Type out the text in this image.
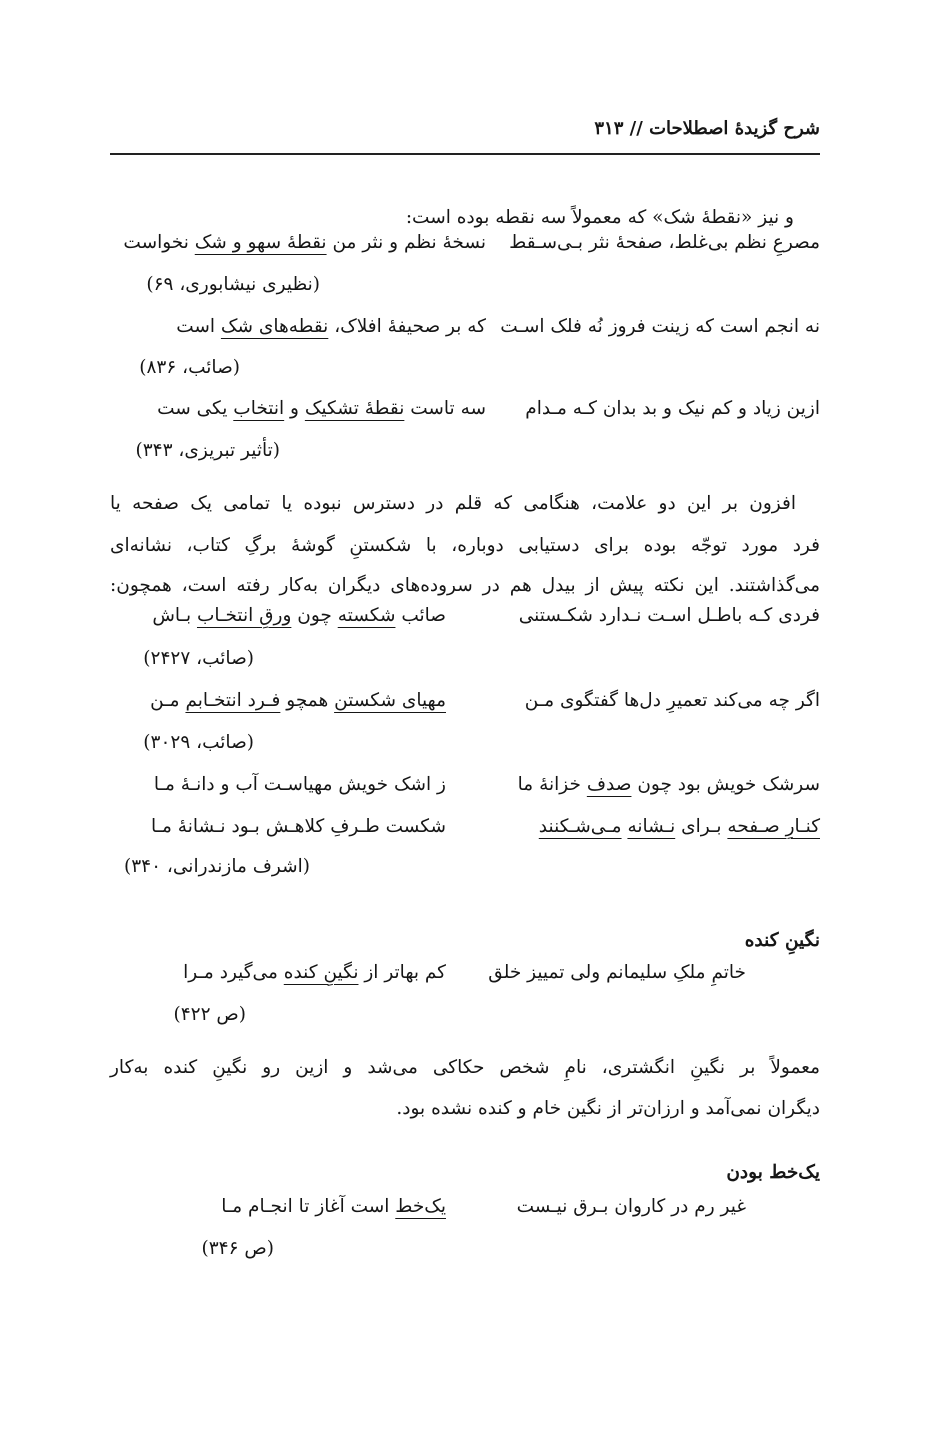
شرح گزیدهٔ اصطلاحات // ۳۱۳
و نیز «نقطهٔ شک» که معمولاً سه نقطه بوده است:
مصرعِ نظم بی‌غلط، صفحهٔ نثر بـی‌سـقط
نسخهٔ نظم و نثر من نقطهٔ سهو و شک نخواست
(نظیری نیشابوری، ۶۹)
نه انجم است که زینت فروز نُه فلک اسـت
که بر صحیفهٔ افلاک، نقطه‌های شک است
(صائب، ۸۳۶)
ازین زیاد و کم نیک و بد بدان کـه مـدام
سه تاست نقطهٔ تشکیک و انتخاب یکی ست
(تأثیر تبریزی، ۳۴۳)
افزون بر این دو علامت، هنگامی که قلم در دسترس نبوده یا تمامی یک صفحه یا
فرد مورد توجّه بوده برای دستیابی دوباره، با شکستنِ گوشهٔ برگِ کتاب، نشانه‌ای
می‌گذاشتند. این نکته پیش از بیدل هم در سروده‌های دیگران به‌کار رفته است، همچون:
فردی کـه باطـل اسـت نـدارد شکـستنی
صائب شکسته چون ورقِ انتخـاب بـاش
(صائب، ۲۴۲۷)
اگر چه می‌کند تعمیرِ دل‌ها گفتگوی مـن
مهیای شکستن همچو فـرد انتخـابم مـن
(صائب، ۳۰۲۹)
سرشک خویش بود چون صدف خزانهٔ ما
ز اشک خویش مهیاسـت آب و دانـهٔ مـا
کنـارِ صـفحه بـرای نـشانه مـی‌شـکنند
شکست طـرفِ کلاهـش بـود نـشانهٔ مـا
(اشرف مازندرانی، ۳۴۰)
نگینِ کنده
خاتمِ ملکِ سلیمانم ولی تمییز خلق
کم بهاتر از نگینِ کنده می‌گیرد مـرا
(ص ۴۲۲)
معمولاً بر نگینِ انگشتری، نامِ شخص حکاکی می‌شد و ازین رو نگینِ کنده به‌کار
دیگران نمی‌آمد و ارزان‌تر از نگین خام و کنده نشده بود.
یک‌خط بودن
غیر رم در کاروان بـرق نیـست
یک‌خط است آغاز تا انجـام مـا
(ص ۳۴۶)
